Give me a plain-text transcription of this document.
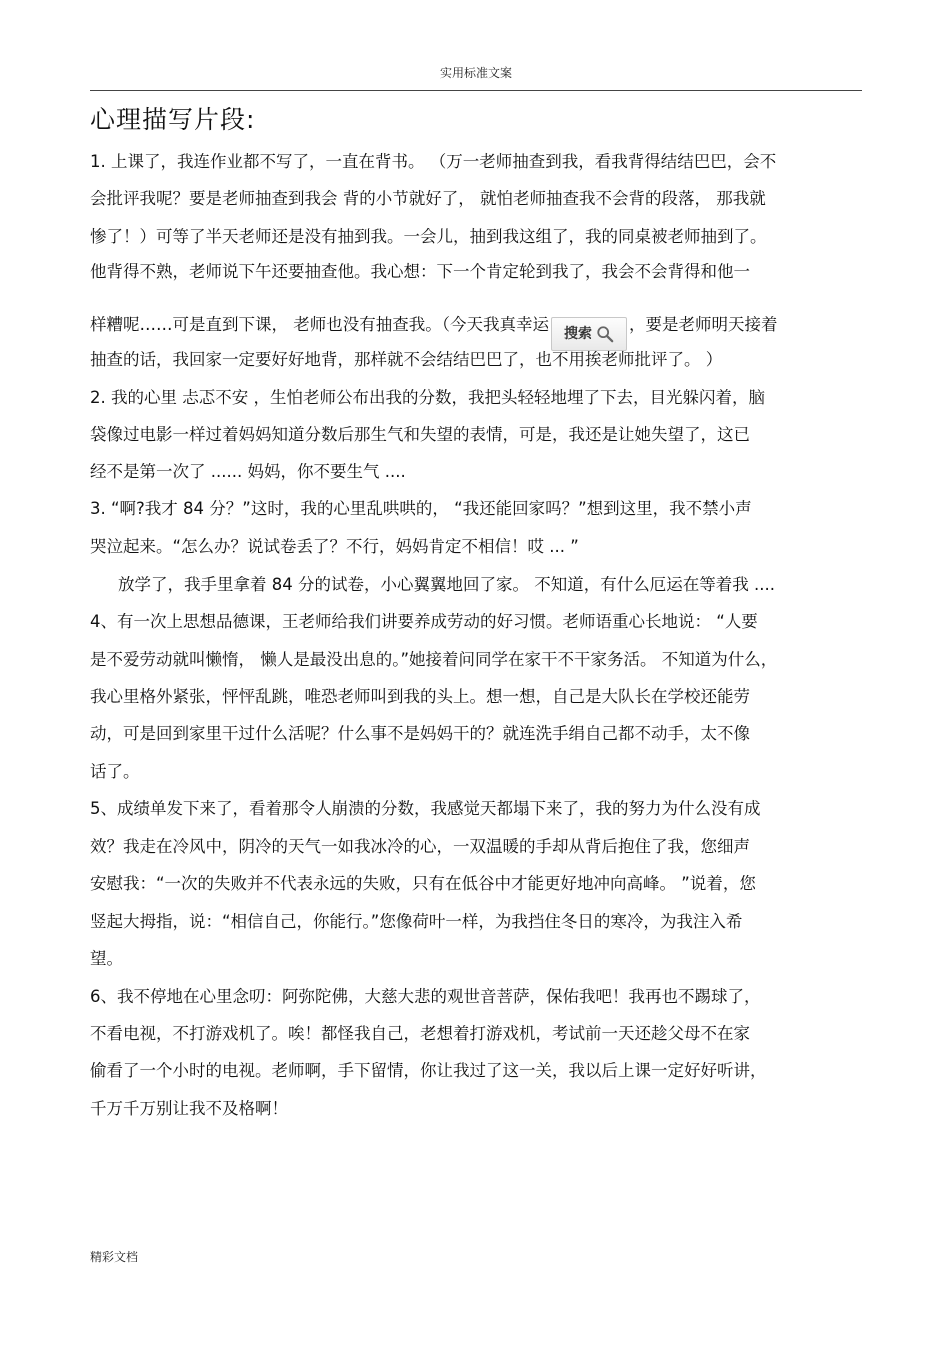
实用标准文案
心理描写片段:
1. 上课了，我连作业都不写了，一直在背书。 （万一老师抽查到我，看我背得结结巴巴，会不
会批评我呢？要是老师抽查到我会 背的小节就好了， 就怕老师抽查我不会背的段落， 那我就
惨了！）可等了半天老师还是没有抽到我。一会儿，抽到我这组了，我的同桌被老师抽到了。
他背得不熟，老师说下午还要抽查他。我心想：下一个肯定轮到我了，我会不会背得和他一
样糟呢……可是直到下课， 老师也没有抽查我。（今天我真幸运 搜索 ，要是老师明天接着
抽查的话，我回家一定要好好地背，那样就不会结结巴巴了，也不用挨老师批评了。 ）
2. 我的心里 忐忑不安 ，生怕老师公布出我的分数，我把头轻轻地埋了下去，目光躲闪着，脑
袋像过电影一样过着妈妈知道分数后那生气和失望的表情，可是，我还是让她失望了，这已
经不是第一次了 ...... 妈妈，你不要生气 ....
3. “啊?我才 84 分？”这时，我的心里乱哄哄的， “我还能回家吗？”想到这里，我不禁小声
哭泣起来。“怎么办？说试卷丢了？不行，妈妈肯定不相信！哎 ... ”
放学了，我手里拿着 84 分的试卷，小心翼翼地回了家。 不知道，有什么厄运在等着我 ....
4、有一次上思想品德课，王老师给我们讲要养成劳动的好习惯。老师语重心长地说： “人要
是不爱劳动就叫懒惰， 懒人是最没出息的。”她接着问同学在家干不干家务活。 不知道为什么，
我心里格外紧张，怦怦乱跳，唯恐老师叫到我的头上。想一想，自己是大队长在学校还能劳
动，可是回到家里干过什么活呢？什么事不是妈妈干的？就连洗手绢自己都不动手，太不像
话了。
5、成绩单发下来了，看着那令人崩溃的分数，我感觉天都塌下来了，我的努力为什么没有成
效？我走在冷风中，阴冷的天气一如我冰冷的心，一双温暖的手却从背后抱住了我，您细声
安慰我：“一次的失败并不代表永远的失败，只有在低谷中才能更好地冲向高峰。 ”说着，您
竖起大拇指，说：“相信自己，你能行。”您像荷叶一样，为我挡住冬日的寒冷，为我注入希
望。
6、我不停地在心里念叨：阿弥陀佛，大慈大悲的观世音菩萨，保佑我吧！我再也不踢球了，
不看电视，不打游戏机了。唉！都怪我自己，老想着打游戏机，考试前一天还趁父母不在家
偷看了一个小时的电视。老师啊，手下留情，你让我过了这一关，我以后上课一定好好听讲，
千万千万别让我不及格啊！
精彩文档
